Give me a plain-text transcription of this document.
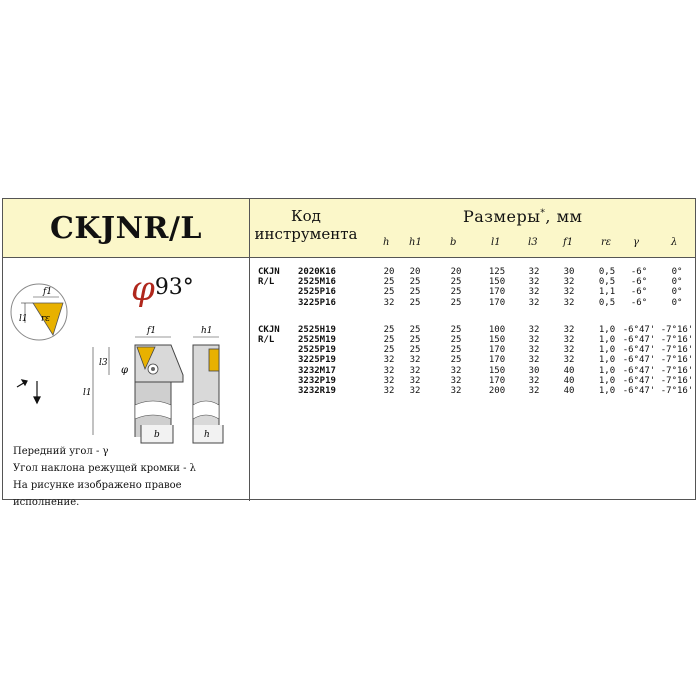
CKJNR/L	Код
инструмента
Размеры*, мм
h h1	b	l1	l3	f1	rε γ	λ
f1
l1 rε
f1
l1
l3
φ
h1
b	h
φ93°
Передний угол - γ
Угол наклона режущей кромки - λ
На рисунке изображено правое исполнение.
CKJN R/L
2020K16	20	20	20	125	32	30	0,5	-6°	0°
2525M16	25	25	25	150	32	32	0,5	-6°	0°
2525P16	25	25	25	170	32	32	1,1	-6°	0°
3225P16	32	25	25	170	32	32	0,5	-6°	0°
CKJN R/L
2525H19	25	25	25	100	32	32	1,0 -6°47' -7°16'
2525M19	25	25	25	150	32	32	1,0 -6°47' -7°16'
2525P19	25	25	25	170	32	32	1,0 -6°47' -7°16'
3225P19	32	32	25	170	32	32	1,0 -6°47' -7°16'
3232M17	32	32	32	150	30	40	1,0 -6°47' -7°16'
3232P19	32	32	32	170	32	40	1,0 -6°47' -7°16'
3232R19	32	32	32	200	32	40	1,0 -6°47' -7°16'
